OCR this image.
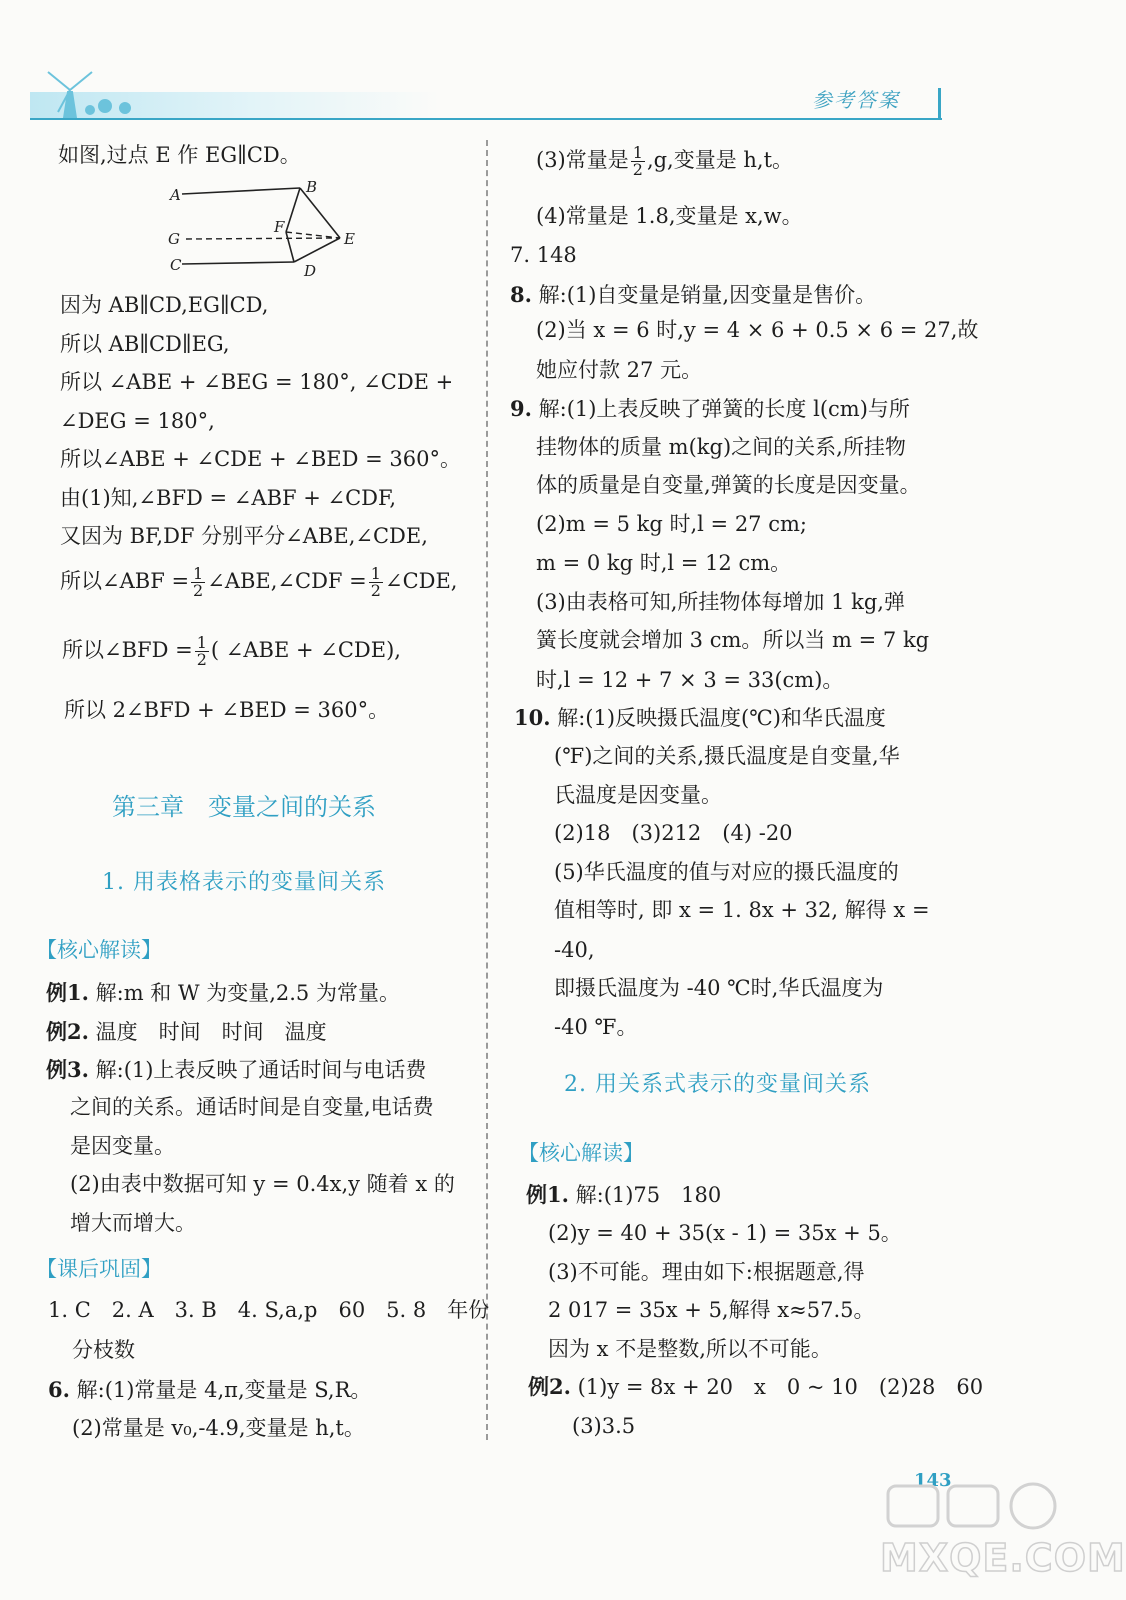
参考答案
如图,过点 E 作 EG∥CD。
A	B
G
C
F
E
D
因为 AB∥CD,EG∥CD,
所以 AB∥CD∥EG,
所以 ∠ABE + ∠BEG = 180°, ∠CDE +
∠DEG = 180°,
所以∠ABE + ∠CDE + ∠BED = 360°。
由(1)知,∠BFD = ∠ABF + ∠CDF,
又因为 BF,DF 分别平分∠ABE,∠CDE,
所以∠ABF = $\frac{1}{2}$ ∠ABE,∠CDF = $\frac{1}{2}$ ∠CDE,
所以∠BFD = $\frac{1}{2}$ ( ∠ABE + ∠CDE),
所以 2∠BFD + ∠BED = 360°。
第三章　变量之间的关系
1. 用表格表示的变量间关系
【核心解读】
例1. 解:m 和 W 为变量,2.5 为常量。
例2. 温度　时间　时间　温度
例3. 解:(1)上表反映了通话时间与电话费
之间的关系。通话时间是自变量,电话费
是因变量。
(2)由表中数据可知 y = 0.4x,y 随着 x 的
增大而增大。
【课后巩固】
1. C　2. A　3. B　4. S,a,p　60　5. 8　年份
分枝数
6. 解:(1)常量是 4,π,变量是 S,R。
(2)常量是 v₀,-4.9,变量是 h,t。
(3)常量是 $\frac{1}{2} ,g$,变量是 h,t。
(4)常量是 1.8,变量是 x,w。
7. 148
8. 解:(1)自变量是销量,因变量是售价。
(2)当 x = 6 时,y = 4 × 6 + 0.5 × 6 = 27,故
她应付款 27 元。
9. 解:(1)上表反映了弹簧的长度 l(cm)与所
挂物体的质量 m(kg)之间的关系,所挂物
体的质量是自变量,弹簧的长度是因变量。
(2)m = 5 kg 时,l = 27 cm;
m = 0 kg 时,l = 12 cm。
(3)由表格可知,所挂物体每增加 1 kg,弹
簧长度就会增加 3 cm。所以当 m = 7 kg
时,l = 12 + 7 × 3 = 33(cm)。
10. 解:(1)反映摄氏温度(℃)和华氏温度
(℉)之间的关系,摄氏温度是自变量,华
氏温度是因变量。
(2)18　(3)212　(4) -20
(5)华氏温度的值与对应的摄氏温度的
值相等时, 即 x = 1. 8x + 32, 解得 x =
-40,
即摄氏温度为 -40 ℃时,华氏温度为
-40 ℉。
2. 用关系式表示的变量间关系
【核心解读】
例1. 解:(1)75　180
(2)y = 40 + 35(x - 1) = 35x + 5。
(3)不可能。理由如下:根据题意,得
2 017 = 35x + 5,解得 x≈57.5。
因为 x 不是整数,所以不可能。
例2. (1)y = 8x + 20　x　0 ~ 10　(2)28　60
(3)3.5
143
MXQE.COM
